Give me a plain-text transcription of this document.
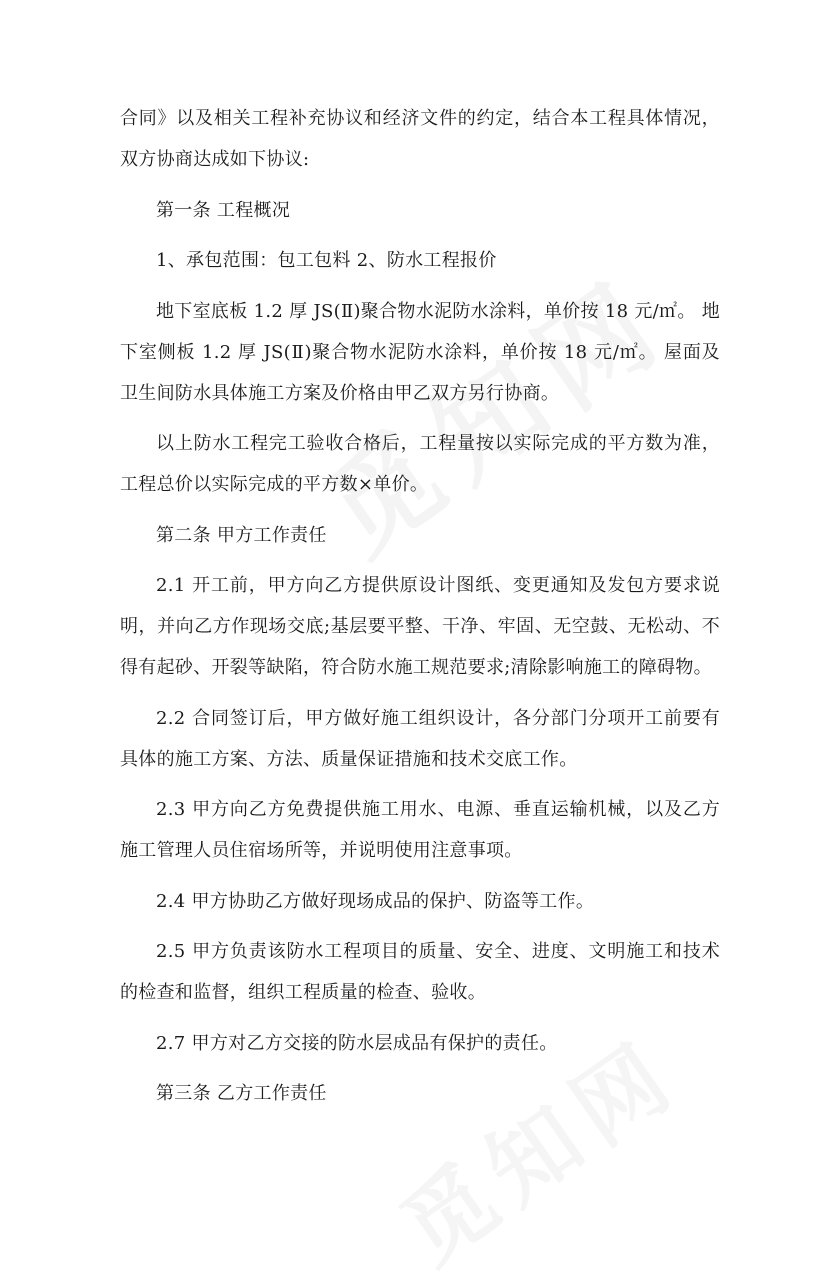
合同》以及相关工程补充协议和经济文件的约定，结合本工程具体情况，双方协商达成如下协议:

第一条 工程概况

1、承包范围：包工包料 2、防水工程报价

地下室底板 1.2 厚 JS(Ⅱ)聚合物水泥防水涂料，单价按 18 元/㎡。 地下室侧板 1.2 厚 JS(Ⅱ)聚合物水泥防水涂料，单价按 18 元/㎡。 屋面及卫生间防水具体施工方案及价格由甲乙双方另行协商。

以上防水工程完工验收合格后，工程量按以实际完成的平方数为准，工程总价以实际完成的平方数×单价。

第二条 甲方工作责任

2.1 开工前，甲方向乙方提供原设计图纸、变更通知及发包方要求说明，并向乙方作现场交底;基层要平整、干净、牢固、无空鼓、无松动、不得有起砂、开裂等缺陷，符合防水施工规范要求;清除影响施工的障碍物。

2.2 合同签订后，甲方做好施工组织设计，各分部门分项开工前要有具体的施工方案、方法、质量保证措施和技术交底工作。

2.3 甲方向乙方免费提供施工用水、电源、垂直运输机械，以及乙方施工管理人员住宿场所等，并说明使用注意事项。

2.4 甲方协助乙方做好现场成品的保护、防盗等工作。

2.5 甲方负责该防水工程项目的质量、安全、进度、文明施工和技术的检查和监督，组织工程质量的检查、验收。

2.7 甲方对乙方交接的防水层成品有保护的责任。

第三条 乙方工作责任
